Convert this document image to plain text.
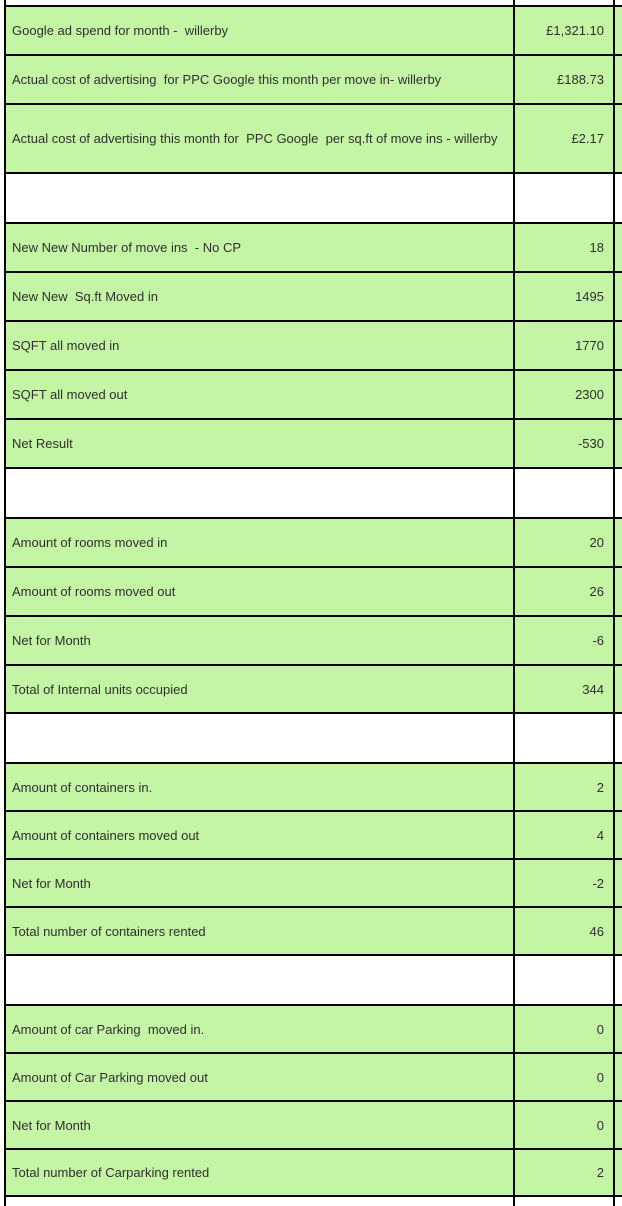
Google ad spend for month -  willerby	£1,321.10
Actual cost of advertising  for PPC Google this month per move in- willerby	£188.73
Actual cost of advertising this month for  PPC Google  per sq.ft of move ins - willerby	£2.17
New New Number of move ins  - No CP	18
New New  Sq.ft Moved in	1495
SQFT all moved in	1770
SQFT all moved out	2300
Net Result	-530
Amount of rooms moved in	20
Amount of rooms moved out	26
Net for Month	-6
Total of Internal units occupied	344
Amount of containers in.	2
Amount of containers moved out	4
Net for Month	-2
Total number of containers rented	46
Amount of car Parking  moved in.	0
Amount of Car Parking moved out	0
Net for Month	0
Total number of Carparking rented	2
